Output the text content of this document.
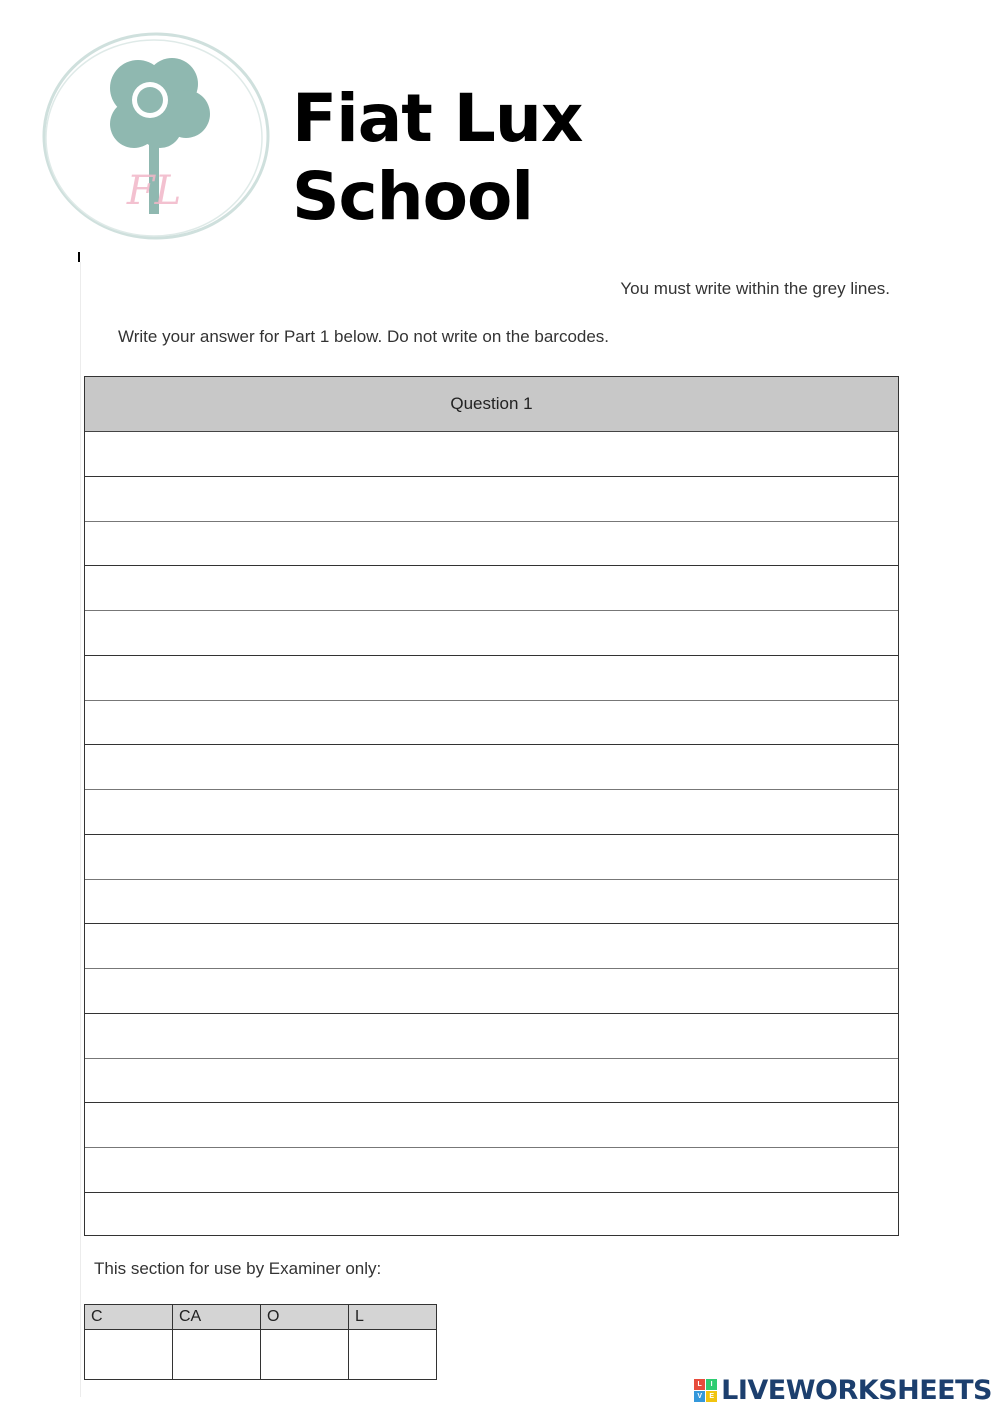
FL
Fiat Lux
School
You must write within the grey lines.
Write your answer for Part 1 below. Do not write on the barcodes.
Question 1
This section for use by Examiner only:
C	CA	O	L

L	I
V	E LIVEWORKSHEETS
